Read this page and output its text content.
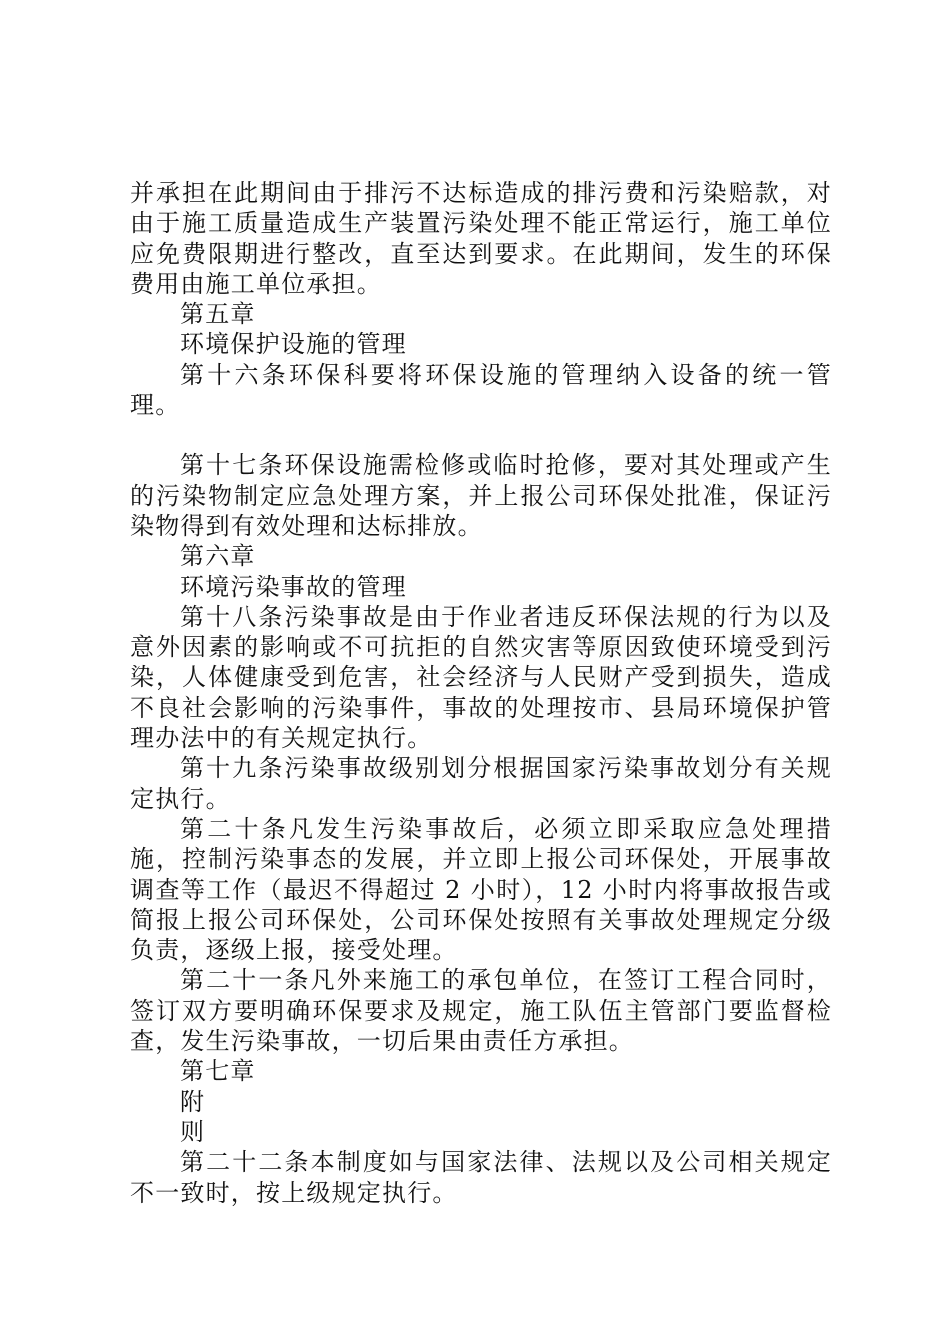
并承担在此期间由于排污不达标造成的排污费和污染赔款，对由于施工质量造成生产装置污染处理不能正常运行，施工单位应免费限期进行整改，直至达到要求。在此期间，发生的环保费用由施工单位承担。

第五章

环境保护设施的管理

第十六条环保科要将环保设施的管理纳入设备的统一管理。

第十七条环保设施需检修或临时抢修，要对其处理或产生的污染物制定应急处理方案，并上报公司环保处批准，保证污染物得到有效处理和达标排放。

第六章

环境污染事故的管理

第十八条污染事故是由于作业者违反环保法规的行为以及意外因素的影响或不可抗拒的自然灾害等原因致使环境受到污染，人体健康受到危害，社会经济与人民财产受到损失，造成不良社会影响的污染事件，事故的处理按市、县局环境保护管理办法中的有关规定执行。

第十九条污染事故级别划分根据国家污染事故划分有关规定执行。

第二十条凡发生污染事故后，必须立即采取应急处理措施，控制污染事态的发展，并立即上报公司环保处，开展事故调查等工作（最迟不得超过 2 小时），12 小时内将事故报告或简报上报公司环保处，公司环保处按照有关事故处理规定分级负责，逐级上报，接受处理。

第二十一条凡外来施工的承包单位，在签订工程合同时，签订双方要明确环保要求及规定，施工队伍主管部门要监督检查，发生污染事故，一切后果由责任方承担。

第七章

附

则

第二十二条本制度如与国家法律、法规以及公司相关规定不一致时，按上级规定执行。
